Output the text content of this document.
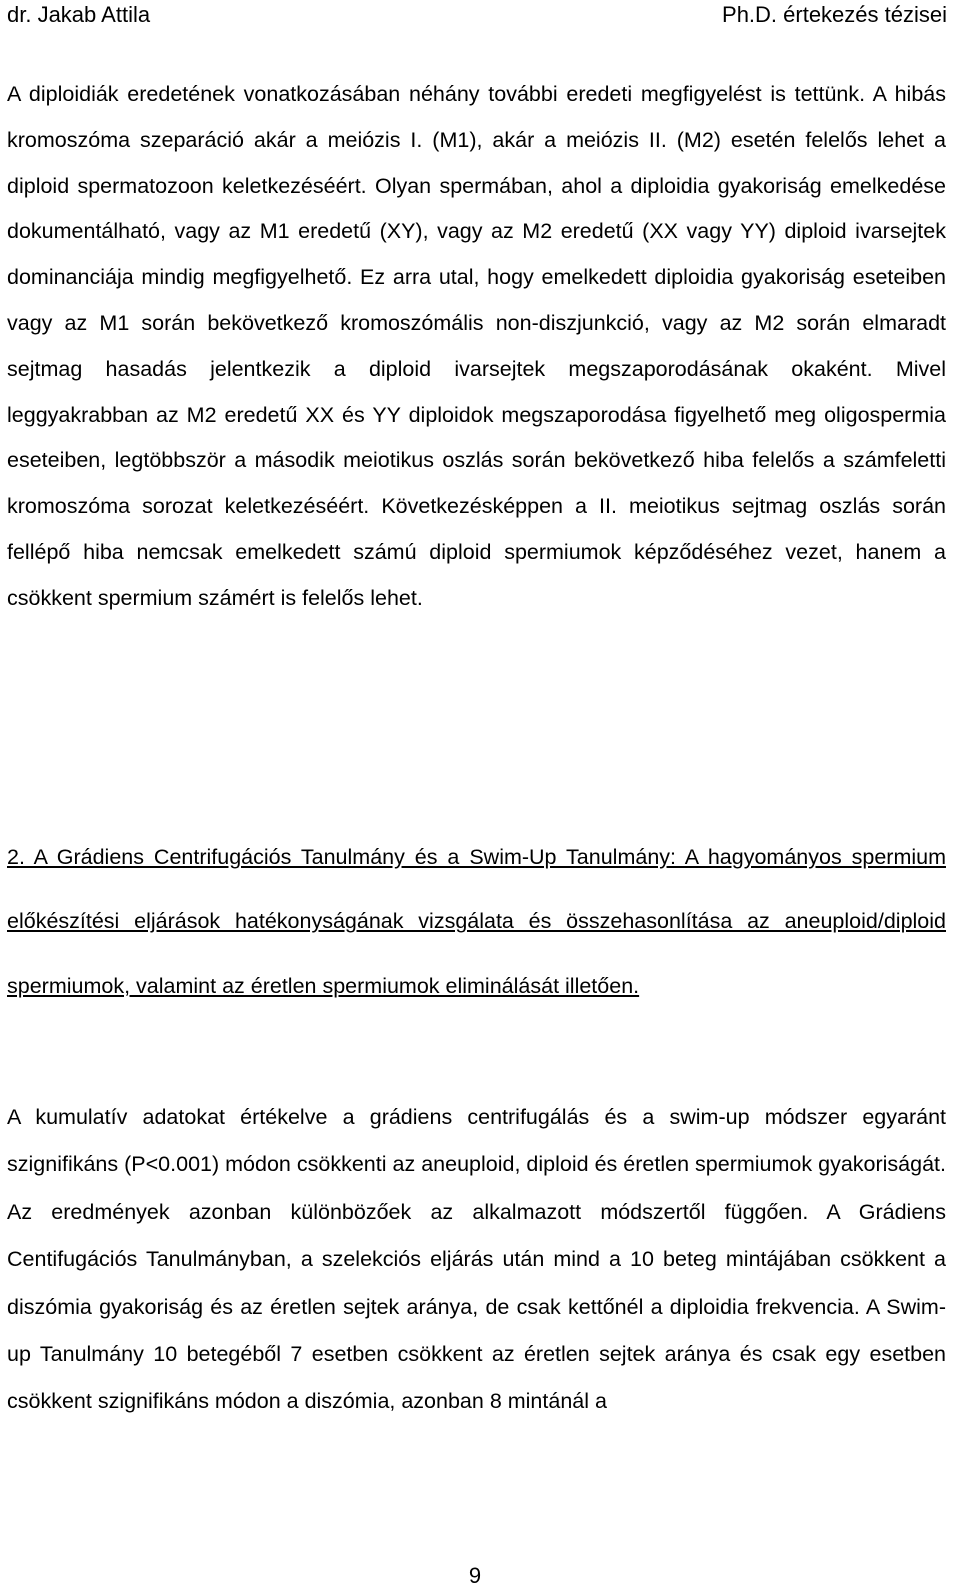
dr. Jakab Attila	Ph.D. értekezés tézisei

A diploidiák eredetének vonatkozásában néhány további eredeti megfigyelést is tettünk. A hibás kromoszóma szeparáció akár a meiózis I. (M1), akár a meiózis II. (M2) esetén felelős lehet a diploid spermatozoon keletkezéséért. Olyan spermában, ahol a diploidia gyakoriság emelkedése dokumentálható, vagy az M1 eredetű (XY), vagy az M2 eredetű (XX vagy YY) diploid ivarsejtek dominanciája mindig megfigyelhető. Ez arra utal, hogy emelkedett diploidia gyakoriság eseteiben vagy az M1 során bekövetkező kromoszómális non-diszjunkció, vagy az M2 során elmaradt sejtmag hasadás jelentkezik a diploid ivarsejtek megszaporodásának okaként. Mivel leggyakrabban az M2 eredetű XX és YY diploidok megszaporodása figyelhető meg oligospermia eseteiben, legtöbbször a második meiotikus oszlás során bekövetkező hiba felelős a számfeletti kromoszóma sorozat keletkezéséért. Következésképpen a II. meiotikus sejtmag oszlás során fellépő hiba nemcsak emelkedett számú diploid spermiumok képződéséhez vezet, hanem a csökkent spermium számért is felelős lehet.

2. A Grádiens Centrifugációs Tanulmány és a Swim-Up Tanulmány: A hagyományos spermium előkészítési eljárások hatékonyságának vizsgálata és összehasonlítása az aneuploid/diploid spermiumok, valamint az éretlen spermiumok eliminálását illetően.

A kumulatív adatokat értékelve a grádiens centrifugálás és a swim-up módszer egyaránt szignifikáns (P<0.001) módon csökkenti az aneuploid, diploid és éretlen spermiumok gyakoriságát. Az eredmények azonban különbözőek az alkalmazott módszertől függően. A Grádiens Centifugációs Tanulmányban, a szelekciós eljárás után mind a 10 beteg mintájában csökkent a diszómia gyakoriság és az éretlen sejtek aránya, de csak kettőnél a diploidia frekvencia. A Swim-up Tanulmány 10 betegéből 7 esetben csökkent az éretlen sejtek aránya és csak egy esetben csökkent szignifikáns módon a diszómia, azonban 8 mintánál a

9
